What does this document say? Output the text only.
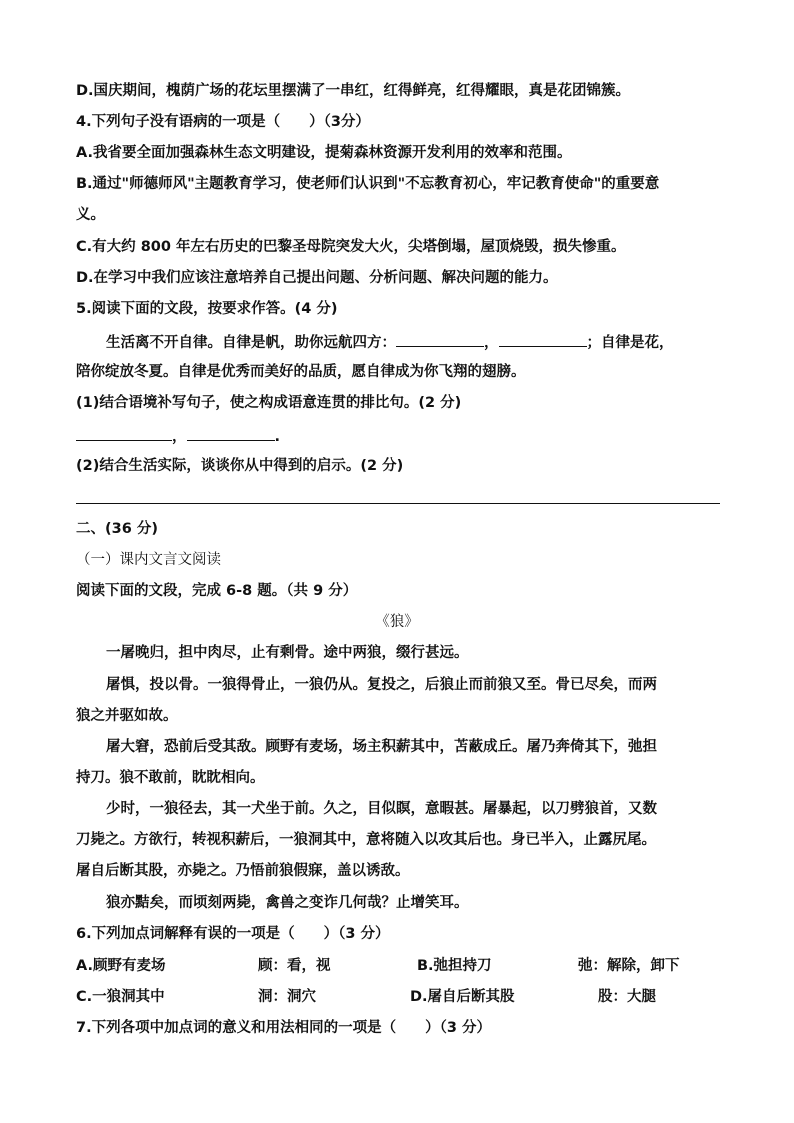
D.国庆期间，槐荫广场的花坛里摆满了一串红，红得鲜亮，红得耀眼，真是花团锦簇。
4.下列句子没有语病的一项是（　　）（3分）
A.我省要全面加强森林生态文明建设，提菊森林资源开发利用的效率和范围。
B.通过"师德师风"主题教育学习，使老师们认识到"不忘教育初心，牢记教育使命"的重要意
义。
C.有大约 800 年左右历史的巴黎圣母院突发大火，尖塔倒塌，屋顶烧毁，损失惨重。
D.在学习中我们应该注意培养自己提出问题、分析问题、解决问题的能力。
5.阅读下面的文段，按要求作答。(4 分)
生活离不开自律。自律是帆，助你远航四方：	，	；自律是花，
陪你绽放冬夏。自律是优秀而美好的品质，愿自律成为你飞翔的翅膀。
(1)结合语境补写句子，使之构成语意连贯的排比句。(2 分)
，	.
(2)结合生活实际，谈谈你从中得到的启示。(2 分)
二、(36 分)
（一）课内文言文阅读
阅读下面的文段，完成 6-8 题。（共 9 分）
《狼》
一屠晚归，担中肉尽，止有剩骨。途中两狼，缀行甚远。
屠惧，投以骨。一狼得骨止，一狼仍从。复投之，后狼止而前狼又至。骨已尽矣，而两
狼之并驱如故。
屠大窘，恐前后受其敌。顾野有麦场，场主积薪其中，苫蔽成丘。屠乃奔倚其下，弛担
持刀。狼不敢前，眈眈相向。
少时，一狼径去，其一犬坐于前。久之，目似瞑，意暇甚。屠暴起，以刀劈狼首，又数
刀毙之。方欲行，转视积薪后，一狼洞其中，意将随入以攻其后也。身已半入，止露尻尾。
屠自后断其股，亦毙之。乃悟前狼假寐，盖以诱敌。
狼亦黠矣，而顷刻两毙，禽兽之变诈几何哉？止增笑耳。
6.下列加点词解释有误的一项是（　　）（3 分）
A.顾野有麦场	顾：看，视	B.弛担持刀	弛：解除，卸下
C.一狼洞其中	洞：洞穴	D.屠自后断其股	股：大腿
7.下列各项中加点词的意义和用法相同的一项是（　　）（3 分）
